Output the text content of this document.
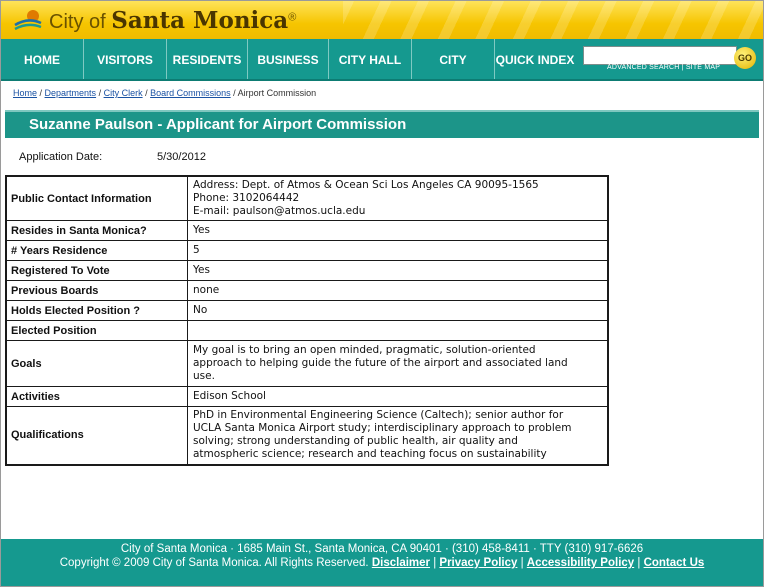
City of Santa Monica®
HOME	VISITORS	RESIDENTS	BUSINESS	CITY HALL	CITY SERVICES
QUICK INDEX
ADVANCED SEARCH | SITE MAP
GO
Home / Departments / City Clerk / Board Commissions / Airport Commission
Suzanne Paulson - Applicant for Airport Commission
Application Date:	5/30/2012
Public Contact Information	Address: Dept. of Atmos & Ocean Sci Los Angeles CA 90095-1565
Phone: 3102064442
E-mail: paulson@atmos.ucla.edu

Resides in Santa Monica?	Yes

# Years Residence	5

Registered To Vote	Yes

Previous Boards	none

Holds Elected Position ?	No

Elected Position	

Goals	My goal is to bring an open minded, pragmatic, solution-oriented
approach to helping guide the future of the airport and associated land
use.

Activities	Edison School

Qualifications	PhD in Environmental Engineering Science (Caltech); senior author for
UCLA Santa Monica Airport study; interdisciplinary approach to problem
solving; strong understanding of public health, air quality and
atmospheric science; research and teaching focus on sustainability
City of Santa Monica · 1685 Main St., Santa Monica, CA 90401 · (310) 458-8411 · TTY (310) 917-6626
Copyright © 2009 City of Santa Monica. All Rights Reserved. Disclaimer | Privacy Policy | Accessibility Policy | Contact Us
